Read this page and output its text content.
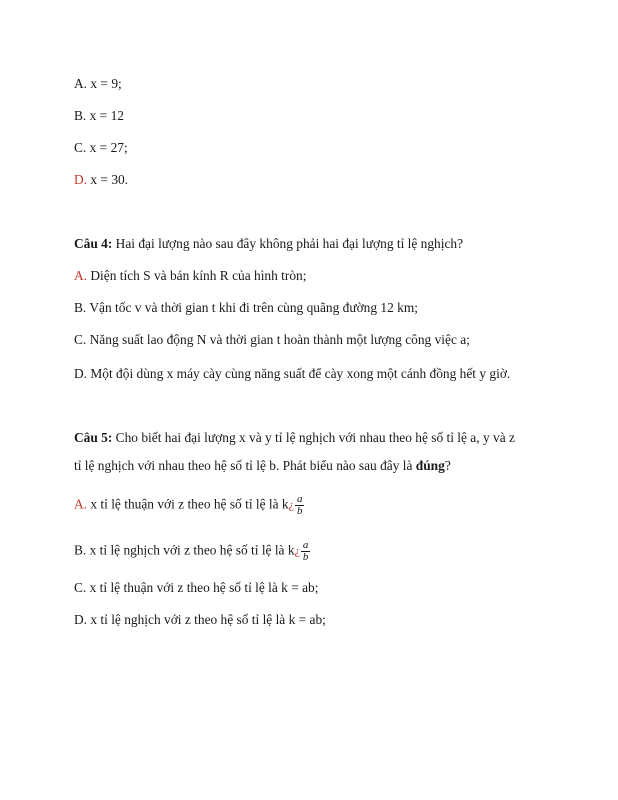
A. x = 9;
B. x = 12
C. x = 27;
D. x = 30.
Câu 4: Hai đại lượng nào sau đây không phải hai đại lượng tỉ lệ nghịch?
A. Diện tích S và bán kính R của hình tròn;
B. Vận tốc v và thời gian t khi đi trên cùng quãng đường 12 km;
C. Năng suất lao động N và thời gian t hoàn thành một lượng công việc a;
D. Một đội dùng x máy cày cùng năng suất để cày xong một cánh đồng hết y giờ.
Câu 5: Cho biết hai đại lượng x và y tỉ lệ nghịch với nhau theo hệ số tỉ lệ a, y và z
tỉ lệ nghịch với nhau theo hệ số tỉ lệ b. Phát biểu nào sau đây là đúng?
A. x tỉ lệ thuận với z theo hệ số tỉ lệ là k¿ $\frac{a}{b}$
B. x tỉ lệ nghịch với z theo hệ số tỉ lệ là k¿ $\frac{a}{b}$
C. x tỉ lệ thuận với z theo hệ số tỉ lệ là k = ab;
D. x tỉ lệ nghịch với z theo hệ số tỉ lệ là k = ab;
